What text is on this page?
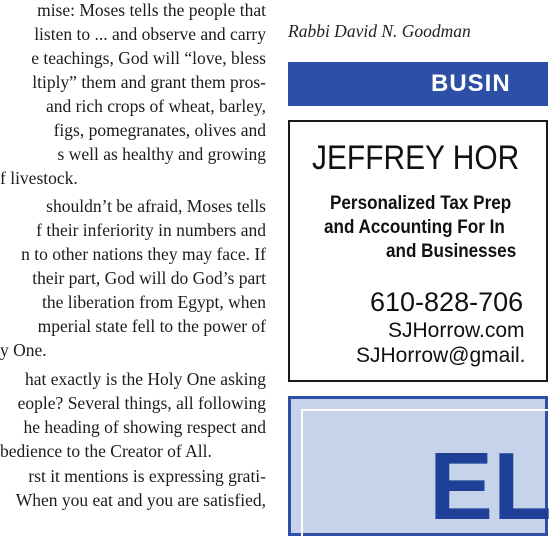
mise: Moses tells the people that
listen to ... and observe and carry
e teachings, God will “love, bless
ltiply” them and grant them pros-
and rich crops of wheat, barley,
figs, pomegranates, olives and
s well as healthy and growing
f livestock.
shouldn’t be afraid, Moses tells
f their inferiority in numbers and
n to other nations they may face. If
their part, God will do God’s part
the liberation from Egypt, when
mperial state fell to the power of
y One.
hat exactly is the Holy One asking
eople? Several things, all following
he heading of showing respect and
bedience to the Creator of All.
rst it mentions is expressing grati-
When you eat and you are satisfied,
Rabbi David N. Goodman
BUSIN
JEFFREY HOR
Personalized Tax Prep
and Accounting For In
and Businesses
610-828-706
SJHorrow.com
SJHorrow@gmail.
EL
